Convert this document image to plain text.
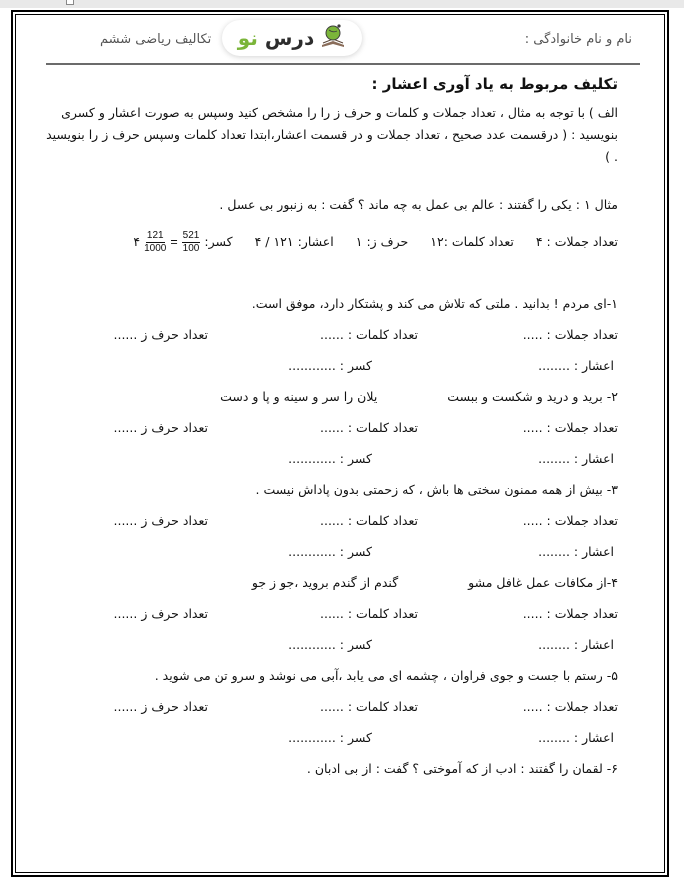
نام و نام خانوادگی :
درس نو
تکالیف ریاضی ششم
تکلیف مربوط به یاد آوری اعشار :
الف ) با توجه به مثال ، تعداد جملات و کلمات و حرف ز را را مشخص کنید وسپس به صورت اعشار و کسری بنویسید : ( درقسمت عدد صحیح ، تعداد جملات و در قسمت اعشار،ابتدا تعداد کلمات وسپس حرف ز را بنویسید . )
مثال ۱ : یکی را گفتند : عالم بی عمل به چه ماند ؟ گفت : به زنبور بی عسل .
تعداد جملات : ۴
تعداد کلمات :۱۲
حرف ز: ۱
اعشار: ۱۲۱ / ۴
کسر:
۴ $\frac{121}{1000} = \frac{521}{100}$
۱-ای مردم ! بدانید . ملتی که تلاش می کند و پشتکار دارد، موفق است.
تعداد جملات : .....
تعداد کلمات : ......
تعداد حرف ز ......
اعشار : ........
کسر : ............
۲- برید و درید و شکست و ببستیلان را سر و سینه و پا و دست
تعداد جملات : .....
تعداد کلمات : ......
تعداد حرف ز ......
اعشار : ........
کسر : ............
۳- بیش از همه ممنون سختی ها باش ، که زحمتی بدون پاداش نیست .
تعداد جملات : .....
تعداد کلمات : ......
تعداد حرف ز ......
اعشار : ........
کسر : ............
۴-از مکافات عمل غافل مشوگندم از گندم بروید ،جو ز جو
تعداد جملات : .....
تعداد کلمات : ......
تعداد حرف ز ......
اعشار : ........
کسر : ............
۵- رستم با جست و جوی فراوان ، چشمه ای می یابد ،آبی می نوشد و سرو تن می شوید .
تعداد جملات : .....
تعداد کلمات : ......
تعداد حرف ز ......
اعشار : ........
کسر : ............
۶- لقمان را گفتند : ادب از که آموختی ؟ گفت : از بی ادبان .
